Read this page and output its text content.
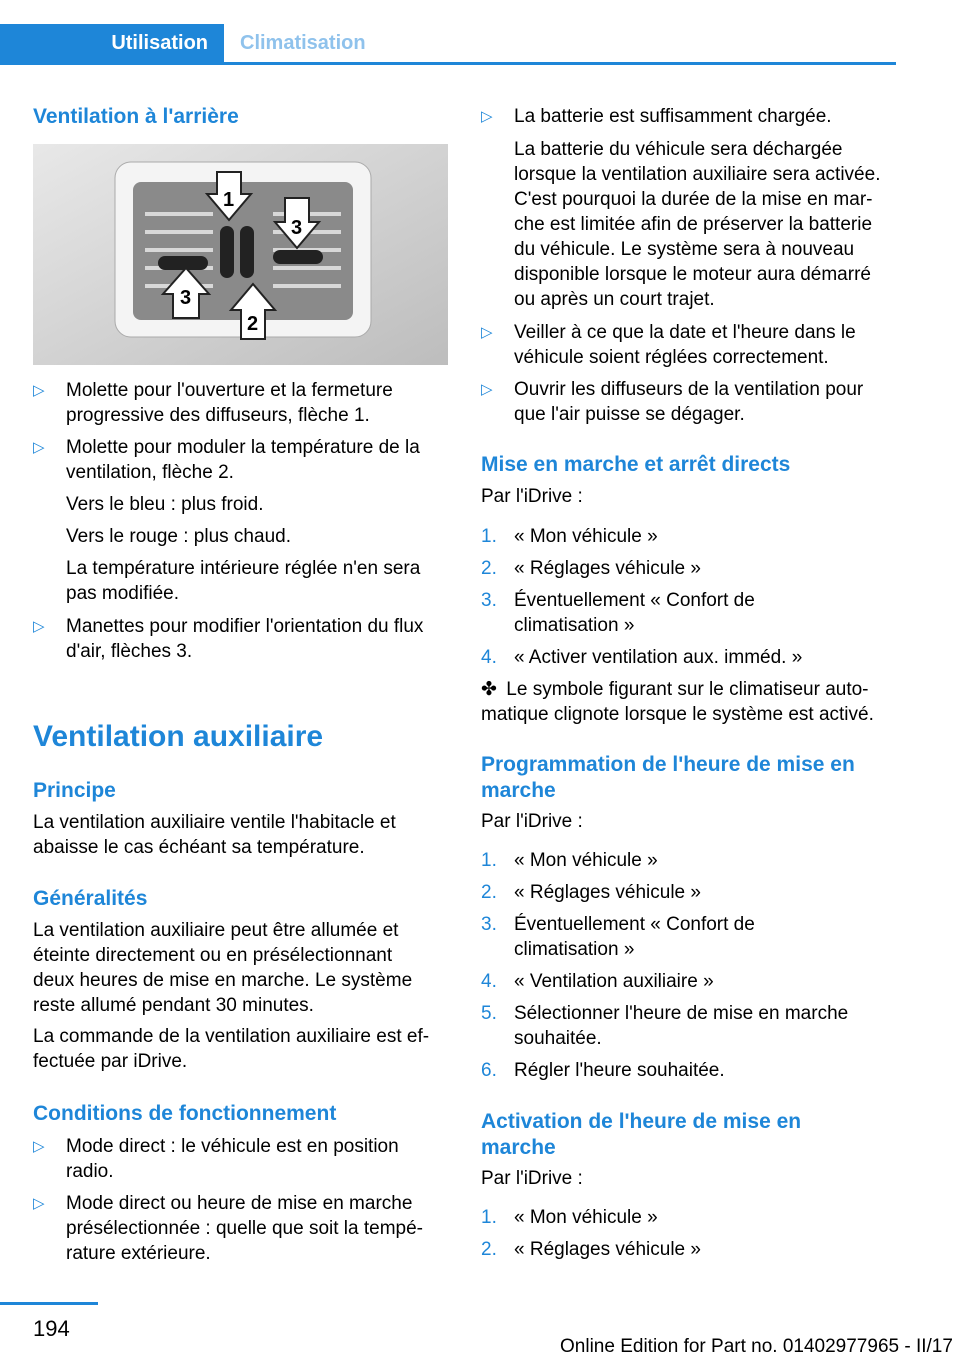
Utilisation	Climatisation
Ventilation à l'arrière
1
2
3
3
▷ Molette pour l'ouverture et la fermeture
progressive des diffuseurs, flèche 1.
▷ Molette pour moduler la température de la
ventilation, flèche 2.
Vers le bleu : plus froid.
Vers le rouge : plus chaud.
La température intérieure réglée n'en sera
pas modifiée.
▷ Manettes pour modifier l'orientation du flux
d'air, flèches 3.
Ventilation auxiliaire
Principe
La ventilation auxiliaire ventile l'habitacle et
abaisse le cas échéant sa température.
Généralités
La ventilation auxiliaire peut être allumée et
éteinte directement ou en présélectionnant
deux heures de mise en marche. Le système
reste allumé pendant 30 minutes.
La commande de la ventilation auxiliaire est ef‐
fectuée par iDrive.
Conditions de fonctionnement
▷ Mode direct : le véhicule est en position
radio.
▷ Mode direct ou heure de mise en marche
présélectionnée : quelle que soit la tempé‐
rature extérieure.
▷ La batterie est suffisamment chargée.
La batterie du véhicule sera déchargée
lorsque la ventilation auxiliaire sera activée.
C'est pourquoi la durée de la mise en mar‐
che est limitée afin de préserver la batterie
du véhicule. Le système sera à nouveau
disponible lorsque le moteur aura démarré
ou après un court trajet.
▷ Veiller à ce que la date et l'heure dans le
véhicule soient réglées correctement.
▷ Ouvrir les diffuseurs de la ventilation pour
que l'air puisse se dégager.
Mise en marche et arrêt directs
Par l'iDrive :
1. « Mon véhicule »
2. « Réglages véhicule »
3. Éventuellement « Confort de
climatisation »
4. « Activer ventilation aux. imméd. »
✤ Le symbole figurant sur le climatiseur auto‐
matique clignote lorsque le système est activé.
Programmation de l'heure de mise en
marche
Par l'iDrive :
1. « Mon véhicule »
2. « Réglages véhicule »
3. Éventuellement « Confort de
climatisation »
4. « Ventilation auxiliaire »
5. Sélectionner l'heure de mise en marche
souhaitée.
6. Régler l'heure souhaitée.
Activation de l'heure de mise en
marche
Par l'iDrive :
1. « Mon véhicule »
2. « Réglages véhicule »
194
Online Edition for Part no. 01402977965 - II/17
